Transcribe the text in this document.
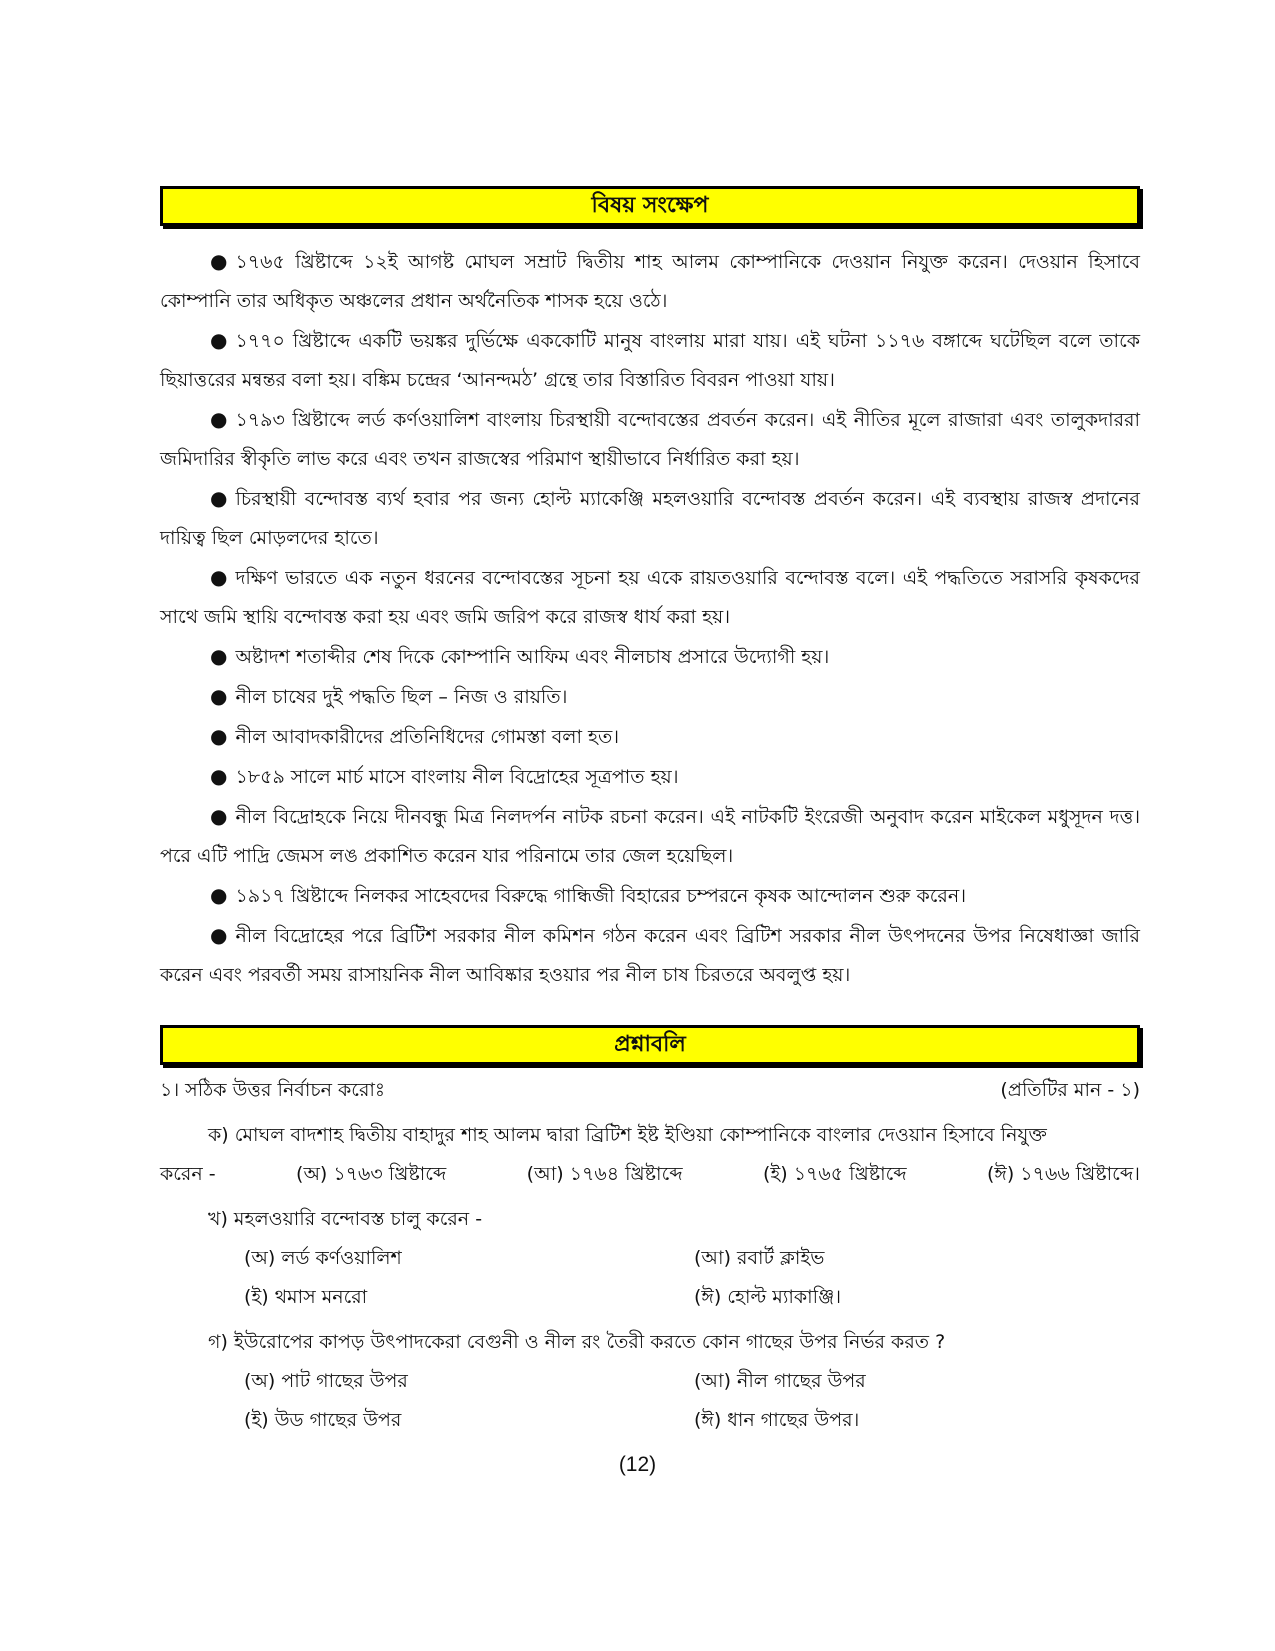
বিষয় সংক্ষেপ
● ১৭৬৫ খ্রিষ্টাব্দে ১২ই আগষ্ট মোঘল সম্রাট দ্বিতীয় শাহ আলম কোম্পানিকে দেওয়ান নিযুক্ত করেন। দেওয়ান হিসাবে কোম্পানি তার অধিকৃত অঞ্চলের প্রধান অর্থনৈতিক শাসক হয়ে ওঠে।
● ১৭৭০ খ্রিষ্টাব্দে একটি ভয়ঙ্কর দুর্ভিক্ষে এককোটি মানুষ বাংলায় মারা যায়। এই ঘটনা ১১৭৬ বঙ্গাব্দে ঘটেছিল বলে তাকে ছিয়াত্তরের মন্বন্তর বলা হয়। বঙ্কিম চন্দ্রের ‘আনন্দমঠ’ গ্রন্থে তার বিস্তারিত বিবরন পাওয়া যায়।
● ১৭৯৩ খ্রিষ্টাব্দে লর্ড কর্ণওয়ালিশ বাংলায় চিরস্থায়ী বন্দোবস্তের প্রবর্তন করেন। এই নীতির মূলে রাজারা এবং তালুকদাররা জমিদারির স্বীকৃতি লাভ করে এবং তখন রাজস্বের পরিমাণ স্থায়ীভাবে নির্ধারিত করা হয়।
● চিরস্থায়ী বন্দোবস্ত ব্যর্থ হবার পর জন্য হোল্ট ম্যাকেঞ্জি মহলওয়ারি বন্দোবস্ত প্রবর্তন করেন। এই ব্যবস্থায় রাজস্ব প্রদানের দায়িত্ব ছিল মোড়লদের হাতে।
● দক্ষিণ ভারতে এক নতুন ধরনের বন্দোবস্তের সূচনা হয় একে রায়তওয়ারি বন্দোবস্ত বলে। এই পদ্ধতিতে সরাসরি কৃষকদের সাথে জমি স্থায়ি বন্দোবস্ত করা হয় এবং জমি জরিপ করে রাজস্ব ধার্য করা হয়।
● অষ্টাদশ শতাব্দীর শেষ দিকে কোম্পানি আফিম এবং নীলচাষ প্রসারে উদ্যোগী হয়।
● নীল চাষের দুই পদ্ধতি ছিল – নিজ ও রায়তি।
● নীল আবাদকারীদের প্রতিনিধিদের গোমস্তা বলা হত।
● ১৮৫৯ সালে মার্চ মাসে বাংলায় নীল বিদ্রোহের সূত্রপাত হয়।
● নীল বিদ্রোহকে নিয়ে দীনবন্ধু মিত্র নিলদর্পন নাটক রচনা করেন। এই নাটকটি ইংরেজী অনুবাদ করেন মাইকেল মধুসূদন দত্ত। পরে এটি পাদ্রি জেমস লঙ প্রকাশিত করেন যার পরিনামে তার জেল হয়েছিল।
● ১৯১৭ খ্রিষ্টাব্দে নিলকর সাহেবদের বিরুদ্ধে গান্ধিজী বিহারের চম্পরনে কৃষক আন্দোলন শুরু করেন।
● নীল বিদ্রোহের পরে ব্রিটিশ সরকার নীল কমিশন গঠন করেন এবং ব্রিটিশ সরকার নীল উৎপদনের উপর নিষেধাজ্ঞা জারি করেন এবং পরবর্তী সময় রাসায়নিক নীল আবিষ্কার হওয়ার পর নীল চাষ চিরতরে অবলুপ্ত হয়।
প্রশ্নাবলি
১। সঠিক উত্তর নির্বাচন করোঃ	(প্রতিটির মান - ১)
ক) মোঘল বাদশাহ দ্বিতীয় বাহাদুর শাহ আলম দ্বারা ব্রিটিশ ইষ্ট ইণ্ডিয়া কোম্পানিকে বাংলার দেওয়ান হিসাবে নিযুক্ত
করেন -	(অ) ১৭৬৩ খ্রিষ্টাব্দে	(আ) ১৭৬৪ খ্রিষ্টাব্দে	(ই) ১৭৬৫ খ্রিষ্টাব্দে	(ঈ) ১৭৬৬ খ্রিষ্টাব্দে।
খ) মহলওয়ারি বন্দোবস্ত চালু করেন -
(অ) লর্ড কর্ণওয়ালিশ	(আ) রবার্ট ক্লাইভ
(ই) থমাস মনরো	(ঈ) হোল্ট ম্যাকাঞ্জি।
গ) ইউরোপের কাপড় উৎপাদকেরা বেগুনী ও নীল রং তৈরী করতে কোন গাছের উপর নির্ভর করত ?
(অ) পাট গাছের উপর	(আ) নীল গাছের উপর
(ই) উড গাছের উপর	(ঈ) ধান গাছের উপর।
(12)
